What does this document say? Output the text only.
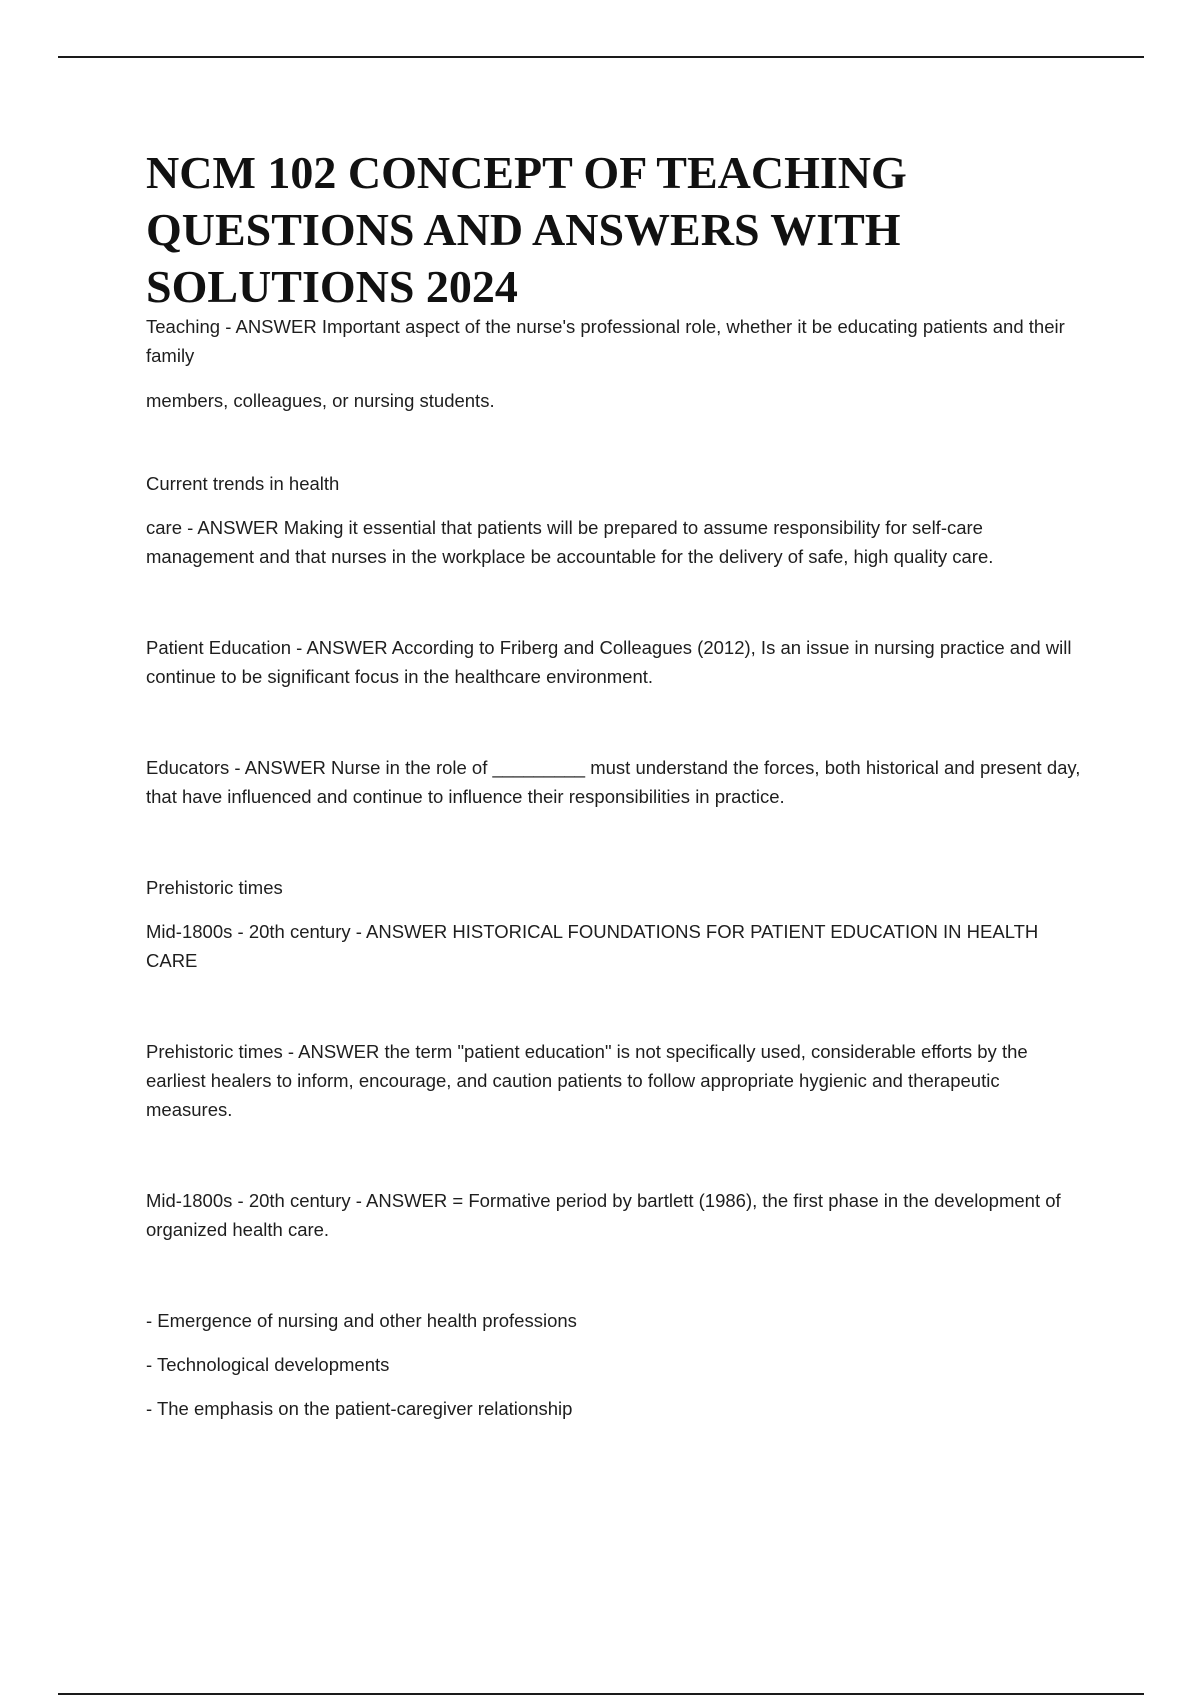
NCM 102 CONCEPT OF TEACHING
QUESTIONS AND ANSWERS WITH
SOLUTIONS 2024

Teaching - ANSWER Important aspect of the nurse's professional role, whether it be educating patients and their family

members, colleagues, or nursing students.

Current trends in health

care - ANSWER Making it essential that patients will be prepared to assume responsibility for self-care management and that nurses in the workplace be accountable for the delivery of safe, high quality care.

Patient Education - ANSWER According to Friberg and Colleagues (2012), Is an issue in nursing practice and will continue to be significant focus in the healthcare environment.

Educators - ANSWER Nurse in the role of _________ must understand the forces, both historical and present day, that have influenced and continue to influence their responsibilities in practice.

Prehistoric times

Mid-1800s - 20th century - ANSWER HISTORICAL FOUNDATIONS FOR PATIENT EDUCATION IN HEALTH CARE

Prehistoric times - ANSWER the term "patient education" is not specifically used, considerable efforts by the earliest healers to inform, encourage, and caution patients to follow appropriate hygienic and therapeutic measures.

Mid-1800s - 20th century - ANSWER = Formative period by bartlett (1986), the first phase in the development of organized health care.

- Emergence of nursing and other health professions

- Technological developments

- The emphasis on the patient-caregiver relationship
